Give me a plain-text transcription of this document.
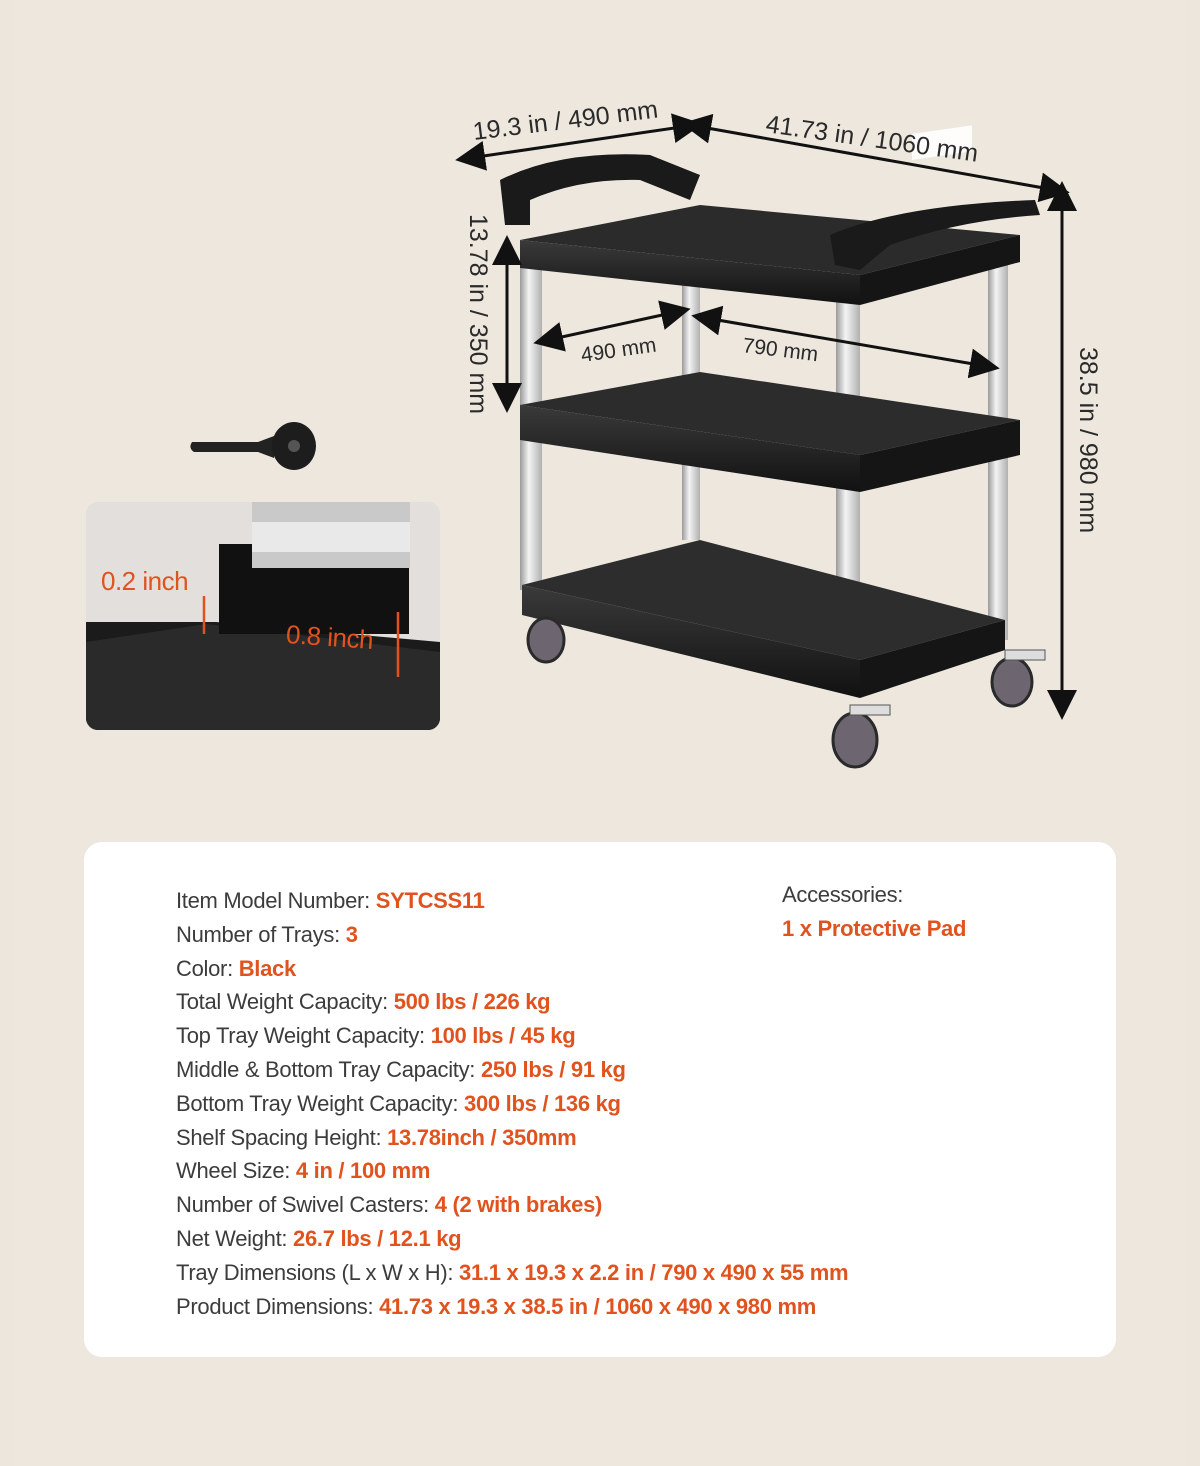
19.3 in / 490 mm	41.73 in / 1060 mm
13.78 in / 350 mm
38.5 in / 980 mm
490 mm	790 mm
0.2 inch
0.8 inch
Item Model Number: SYTCSS11
Number of Trays: 3
Color: Black
Total Weight Capacity: 500 lbs / 226 kg
Top Tray Weight Capacity: 100 lbs / 45 kg
Middle & Bottom Tray Capacity: 250 lbs / 91 kg
Bottom Tray Weight Capacity: 300 lbs / 136 kg
Shelf Spacing Height: 13.78inch / 350mm
Wheel Size: 4 in / 100 mm
Number of Swivel Casters: 4 (2 with brakes)
Net Weight: 26.7 lbs / 12.1 kg
Tray Dimensions (L x W x H): 31.1 x 19.3 x 2.2 in / 790 x 490 x 55 mm
Product Dimensions: 41.73 x 19.3 x 38.5 in / 1060 x 490 x 980 mm
Accessories:
1 x Protective Pad
